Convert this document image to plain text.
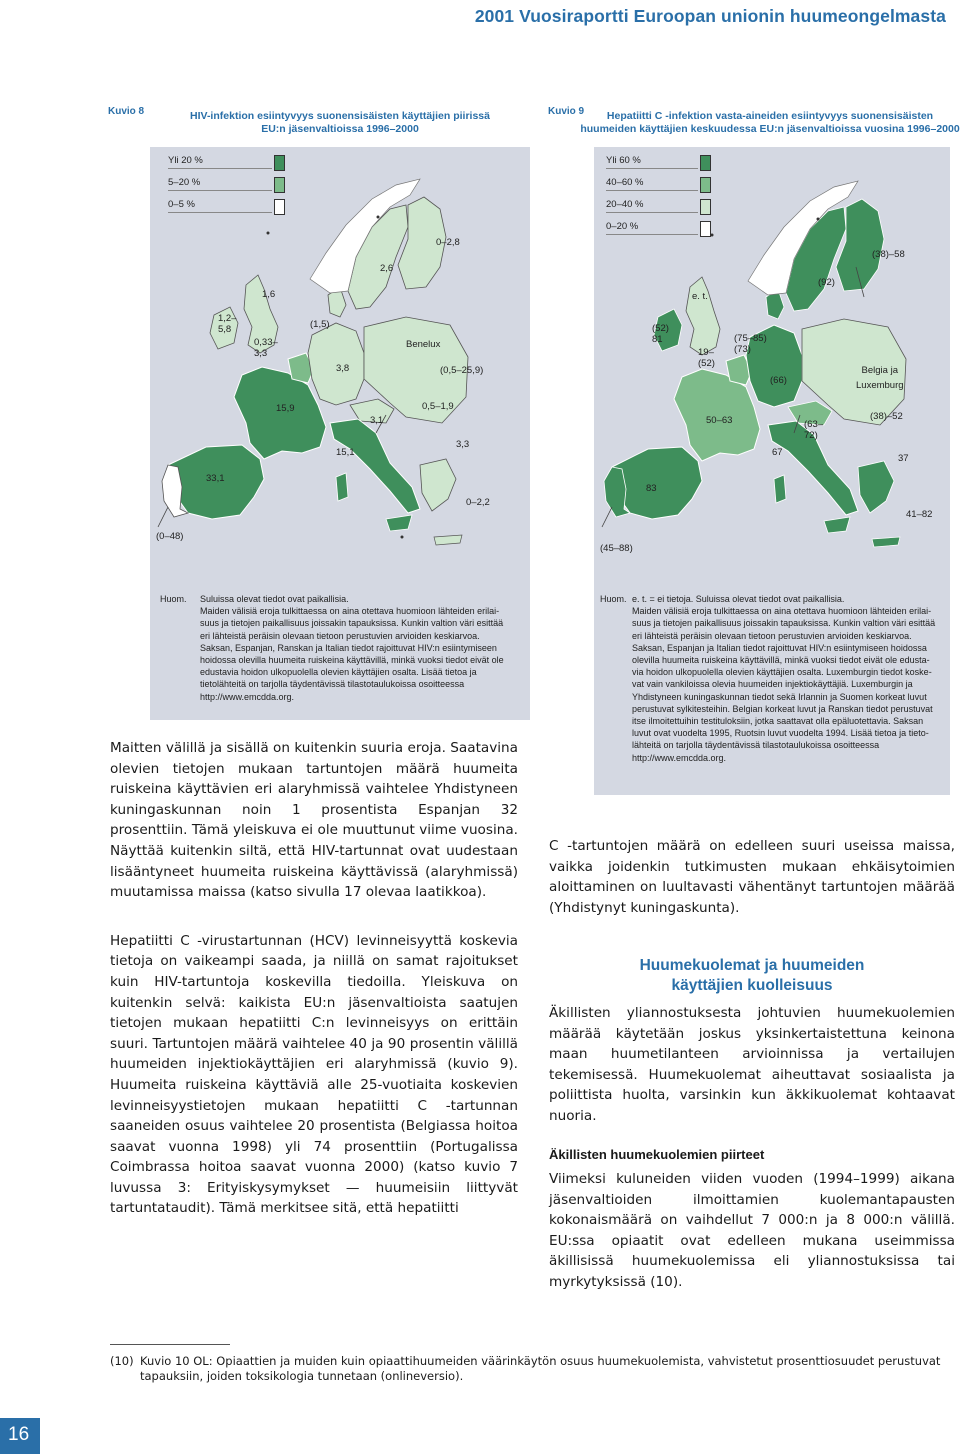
2001 Vuosiraportti Euroopan unionin huumeongelmasta
Kuvio 8	HIV-infektion esiintyvyys suonensisäisten käyttäjien piirissä
EU:n jäsenvaltioissa 1996–2000
Yli 20 %
5–20 %
0–5 %
1,6
1,2–
5,8
0,33–
3,3
(1,5)
3,8
2,6
0–2,8
Benelux
(0,5–25,9)
0,5–1,9
3,3
15,9
3,1
15,1
33,1
0–2,2
(0–48)
Huom. Suluissa olevat tiedot ovat paikallisia.

Maiden välisiä eroja tulkittaessa on aina otettava huomioon lähteiden erilai-

suus ja tietojen paikallisuus joissakin tapauksissa. Kunkin valtion väri esittää

eri lähteistä peräisin olevaan tietoon perustuvien arvioiden keskiarvoa.

Saksan, Espanjan, Ranskan ja Italian tiedot rajoittuvat HIV:n esiintymiseen

hoidossa olevilla huumeita ruiskeina käyttävillä, minkä vuoksi tiedot eivät ole

edustavia hoidon ulkopuolella olevien käyttäjien osalta. Lisää tietoa ja

tietolähteitä on tarjolla täydentävissä tilastotaulukoissa osoitteessa

http://www.emcdda.org.

Kuvio 9	Hepatiitti C -infektion vasta-aineiden esiintyvyys suonensisäisten
huumeiden käyttäjien keskuudessa EU:n jäsenvaltioissa vuosina 1996–2000
Yli 60 %
40–60 %
20–40 %
0–20 %
e. t.
(52)
81
19–
(52)
(75–85)
(73)
(92)
(38)–58
Belgia ja
Luxemburg
(66)
(38)–52
37
50–63	(63–
72)
67
83
41–82
(45–88)
Huom. e. t. = ei tietoja. Suluissa olevat tiedot ovat paikallisia.

Maiden välisiä eroja tulkittaessa on aina otettava huomioon lähteiden erilai-

suus ja tietojen paikallisuus joissakin tapauksissa. Kunkin valtion väri esittää

eri lähteistä peräisin olevaan tietoon perustuvien arvioiden keskiarvoa.

Saksan, Espanjan ja Italian tiedot rajoittuvat HIV:n esiintymiseen hoidossa

olevilla huumeita ruiskeina käyttävillä, minkä vuoksi tiedot eivät ole edusta-

via hoidon ulkopuolella olevien käyttäjien osalta. Luxemburgin tiedot koske-

vat vain vankiloissa olevia huumeiden injektiokäyttäjiä. Luxemburgin ja

Yhdistyneen kuningaskunnan tiedot sekä Irlannin ja Suomen korkeat luvut

perustuvat sylkitesteihin. Belgian korkeat luvut ja Ranskan tiedot perustuvat

itse ilmoitettuihin testituloksiin, jotka saattavat olla epäluotettavia. Saksan

luvut ovat vuodelta 1995, Ruotsin luvut vuodelta 1994. Lisää tietoa ja tieto-

lähteitä on tarjolla täydentävissä tilastotaulukoissa osoitteessa

http://www.emcdda.org.

Maitten välillä ja sisällä on kuitenkin suuria eroja. Saatavina olevien tietojen mukaan tartuntojen määrä huumeita ruiskeina käyttävien eri alaryhmissä vaihtelee Yhdistyneen kuningaskunnan noin 1 prosentista Espanjan 32 prosenttiin. Tämä yleiskuva ei ole muuttunut viime vuosina. Näyttää kuitenkin siltä, että HIV-tartunnat ovat uudestaan lisääntyneet huumeita ruiskeina käyttävissä (alaryhmissä) muutamissa maissa (katso sivulla 17 olevaa laatikkoa).

Hepatiitti C -virustartunnan (HCV) levinneisyyttä koskevia tietoja on vaikeampi saada, ja niillä on samat rajoitukset kuin HIV-tartuntoja koskevilla tiedoilla. Yleiskuva on kuitenkin selvä: kaikista EU:n jäsenvaltioista saatujen tietojen mukaan hepatiitti C:n levinneisyys on erittäin suuri. Tartuntojen määrä vaihtelee 40 ja 90 prosentin välillä huumeiden injektiokäyttäjien eri alaryhmissä (kuvio 9). Huumeita ruiskeina käyttäviä alle 25-vuotiaita koskevien levinneisyystietojen mukaan hepatiitti C -tartunnan saaneiden osuus vaihtelee 20 prosentista (Belgiassa hoitoa saavat vuonna 1998) yli 74 prosenttiin (Portugalissa Coimbrassa hoitoa saavat vuonna 2000) (katso kuvio 7 luvussa 3: Erityiskysymykset — huumeisiin liittyvät tartuntataudit). Tämä merkitsee sitä, että hepatiitti

C -tartuntojen määrä on edelleen suuri useissa maissa, vaikka joidenkin tutkimusten mukaan ehkäisytoimien aloittaminen on luultavasti vähentänyt tartuntojen määrää (Yhdistynyt kuningaskunta).
Huumekuolemat ja huumeiden
käyttäjien kuolleisuus
Äkillisten yliannostuksesta johtuvien huumekuolemien määrää käytetään joskus yksinkertaistettuna keinona maan huumetilanteen arvioinnissa ja vertailujen tekemisessä. Huumekuolemat aiheuttavat sosiaalista ja poliittista huolta, varsinkin kun äkkikuolemat kohtaavat nuoria.
Äkillisten huumekuolemien piirteet
Viimeksi kuluneiden viiden vuoden (1994–1999) aikana jäsenvaltioiden ilmoittamien kuolemantapausten kokonaismäärä on vaihdellut 7 000:n ja 8 000:n välillä. EU:ssa opiaatit ovat edelleen mukana useimmissa äkillisissä huumekuolemissa eli yliannostuksissa tai myrkytyksissä (10).
(10) Kuvio 10 OL: Opiaattien ja muiden kuin opiaattihuumeiden väärinkäytön osuus huumekuolemista, vahvistetut prosenttiosuudet perustuvat tapauksiin, joiden toksikologia tunnetaan (onlineversio).
16
